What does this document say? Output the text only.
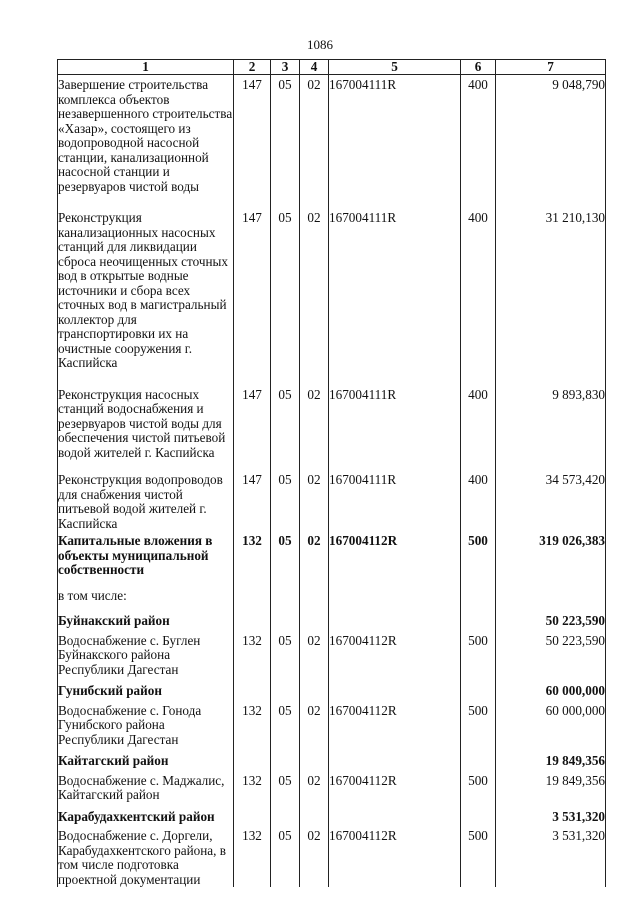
1086
1	2	3	4	5	6	7
Завершение строительства комплекса объектов незавершенного строительства «Хазар», состоящего из водопроводной насосной станции, канализационной насосной станции и резервуаров чистой воды	147	05	02	167004111R	400	9 048,790
Реконструкция канализационных насосных станций для ликвидации сброса неочищенных сточных вод в открытые водные источники и сбора всех сточных вод в магистральный коллектор для транспортировки их на очистные сооружения г. Каспийска	147	05	02	167004111R	400	31 210,130
Реконструкция насосных станций водоснабжения и резервуаров чистой воды для обеспечения чистой питьевой водой жителей г. Каспийска	147	05	02	167004111R	400	9 893,830
Реконструкция водопроводов для снабжения чистой питьевой водой жителей г. Каспийска	147	05	02	167004111R	400	34 573,420
Капитальные вложения в объекты муниципальной собственности	132	05	02	167004112R	500	319 026,383
в том числе:						
Буйнакский район						50 223,590
Водоснабжение с. Буглен Буйнакского района Республики Дагестан	132	05	02	167004112R	500	50 223,590
Гунибский район						60 000,000
Водоснабжение с. Гонода Гунибского района Республики Дагестан	132	05	02	167004112R	500	60 000,000
Кайтагский район						19 849,356
Водоснабжение с. Маджалис, Кайтагский район	132	05	02	167004112R	500	19 849,356
Карабудахкентский район						3 531,320
Водоснабжение с. Доргели, Карабудахкентского района, в том числе подготовка проектной документации	132	05	02	167004112R	500	3 531,320
